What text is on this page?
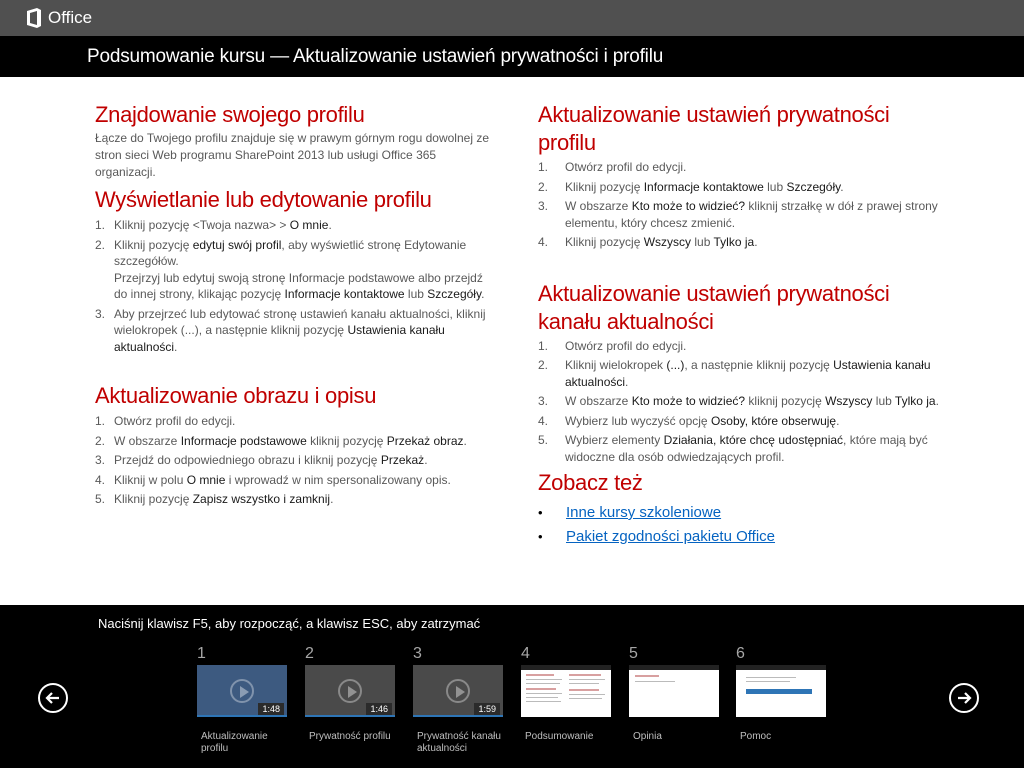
Office
Podsumowanie kursu — Aktualizowanie ustawień prywatności i profilu
Znajdowanie swojego profilu

Łącze do Twojego profilu znajduje się w prawym górnym rogu dowolnej ze stron sieci Web programu SharePoint 2013 lub usługi Office 365 organizacji.

Wyświetlanie lub edytowanie profilu
1. Kliknij pozycję <Twoja nazwa> > O mnie.
2. Kliknij pozycję edytuj swój profil, aby wyświetlić stronę Edytowanie szczegółów.
Przejrzyj lub edytuj swoją stronę Informacje podstawowe albo przejdź do innej strony, klikając pozycję Informacje kontaktowe lub Szczegóły.
3. Aby przejrzeć lub edytować stronę ustawień kanału aktualności, kliknij wielokropek (...), a następnie kliknij pozycję Ustawienia kanału aktualności.
Aktualizowanie obrazu i opisu
1. Otwórz profil do edycji.
2. W obszarze Informacje podstawowe kliknij pozycję Przekaż obraz.
3. Przejdź do odpowiedniego obrazu i kliknij pozycję Przekaż.
4. Kliknij w polu O mnie i wprowadź w nim spersonalizowany opis.
5. Kliknij pozycję Zapisz wszystko i zamknij.
Aktualizowanie ustawień prywatności profilu
1. Otwórz profil do edycji.
2. Kliknij pozycję Informacje kontaktowe lub Szczegóły.
3. W obszarze Kto może to widzieć? kliknij strzałkę w dół z prawej strony elementu, który chcesz zmienić.
4. Kliknij pozycję Wszyscy lub Tylko ja.
Aktualizowanie ustawień prywatności kanału aktualności
1. Otwórz profil do edycji.
2. Kliknij wielokropek (...), a następnie kliknij pozycję Ustawienia kanału aktualności.
3. W obszarze Kto może to widzieć? kliknij pozycję Wszyscy lub Tylko ja.
4. Wybierz lub wyczyść opcję Osoby, które obserwuję.
5. Wybierz elementy Działania, które chcę udostępniać, które mają być widoczne dla osób odwiedzających profil.
Zobacz też
• Inne kursy szkoleniowe
• Pakiet zgodności pakietu Office
Naciśnij klawisz F5, aby rozpocząć, a klawisz ESC, aby zatrzymać
1
1:48
Aktualizowanie profilu
2
1:46
Prywatność profilu
3
1:59
Prywatność kanału aktualności
4
Podsumowanie
5
Opinia
6
Pomoc
